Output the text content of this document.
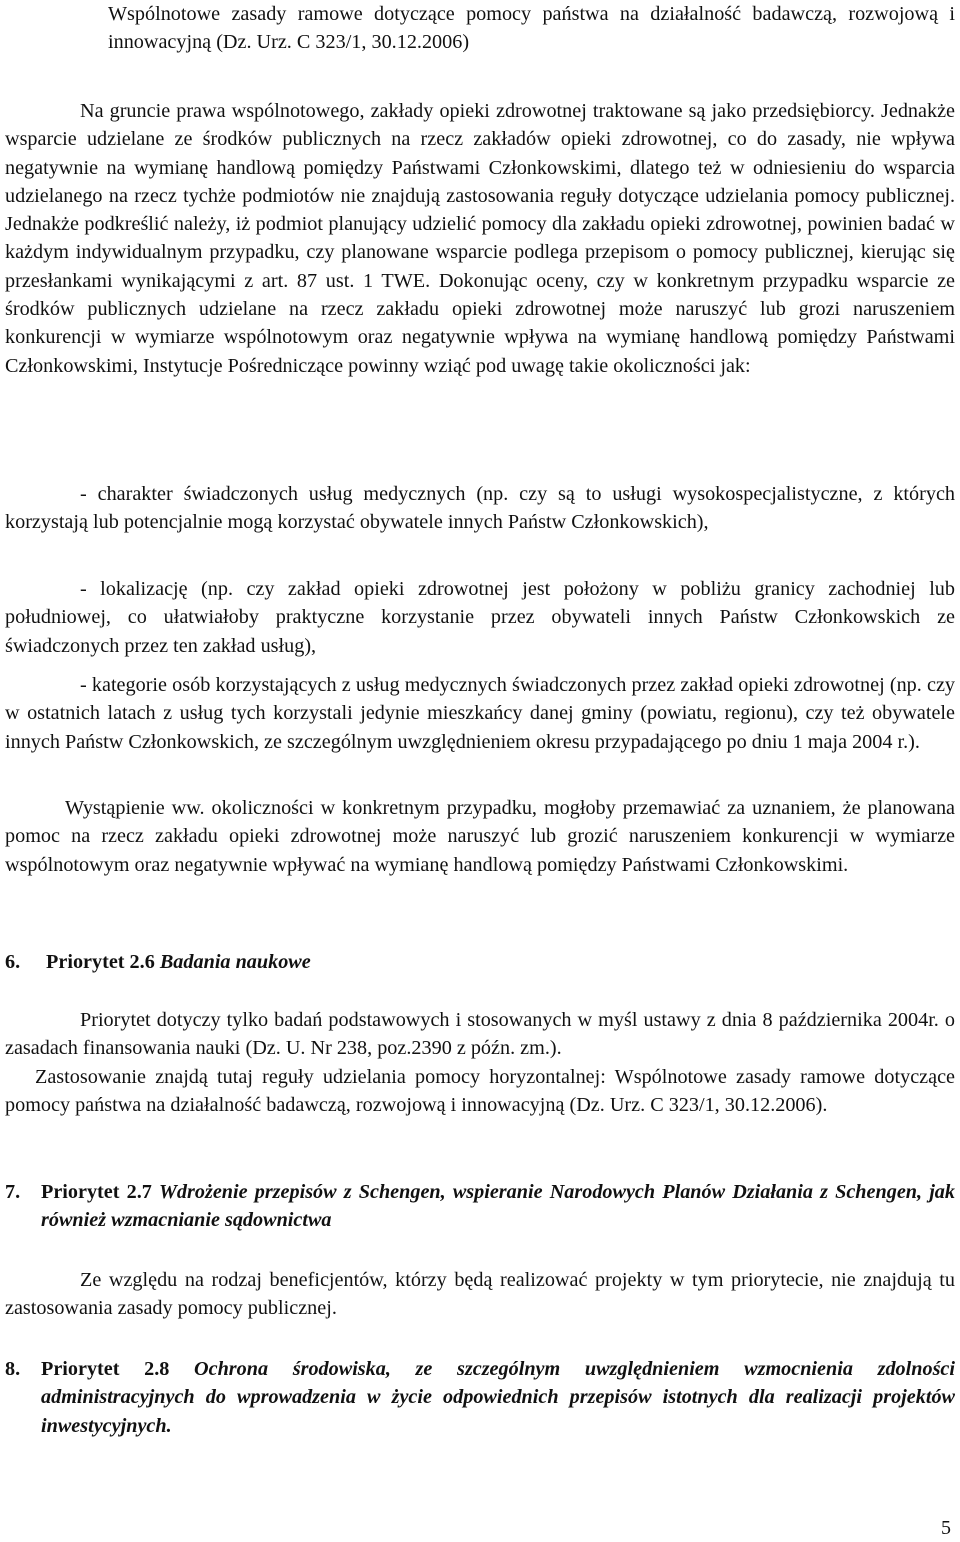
Wspólnotowe zasady ramowe dotyczące pomocy państwa na działalność badawczą, rozwojową i innowacyjną (Dz. Urz. C 323/1, 30.12.2006)
Na gruncie prawa wspólnotowego, zakłady opieki zdrowotnej traktowane są jako przedsiębiorcy. Jednakże wsparcie udzielane ze środków publicznych na rzecz zakładów opieki zdrowotnej, co do zasady, nie wpływa negatywnie na wymianę handlową pomiędzy Państwami Członkowskimi, dlatego też w odniesieniu do wsparcia udzielanego na rzecz tychże podmiotów nie znajdują zastosowania reguły dotyczące udzielania pomocy publicznej. Jednakże podkreślić należy, iż podmiot planujący udzielić pomocy dla zakładu opieki zdrowotnej, powinien badać w każdym indywidualnym przypadku, czy planowane wsparcie podlega przepisom o pomocy publicznej, kierując się przesłankami wynikającymi z art. 87 ust. 1 TWE. Dokonując oceny, czy w konkretnym przypadku wsparcie ze środków publicznych udzielane na rzecz zakładu opieki zdrowotnej może naruszyć lub grozi naruszeniem konkurencji w wymiarze wspólnotowym oraz negatywnie wpływa na wymianę handlową pomiędzy Państwami Członkowskimi, Instytucje Pośredniczące powinny wziąć pod uwagę takie okoliczności jak:
- charakter świadczonych usług medycznych (np. czy są to usługi wysokospecjalistyczne, z których korzystają lub potencjalnie mogą korzystać obywatele innych Państw Członkowskich),
- lokalizację (np. czy zakład opieki zdrowotnej jest położony w pobliżu granicy zachodniej lub południowej, co ułatwiałoby praktyczne korzystanie przez obywateli innych Państw Członkowskich ze świadczonych przez ten zakład usług),
- kategorie osób korzystających z usług medycznych świadczonych przez zakład opieki zdrowotnej (np. czy w ostatnich latach z usług tych korzystali jedynie mieszkańcy danej gminy (powiatu, regionu), czy też obywatele innych Państw Członkowskich, ze szczególnym uwzględnieniem okresu przypadającego po dniu 1 maja 2004 r.).
Wystąpienie ww. okoliczności w konkretnym przypadku, mogłoby przemawiać za uznaniem, że planowana pomoc na rzecz zakładu opieki zdrowotnej może naruszyć lub grozić naruszeniem konkurencji w wymiarze wspólnotowym oraz negatywnie wpływać na wymianę handlową pomiędzy Państwami Członkowskimi.
6. Priorytet 2.6 Badania naukowe
Priorytet dotyczy tylko badań podstawowych i stosowanych w myśl ustawy z dnia 8 października 2004r. o zasadach finansowania nauki (Dz. U. Nr 238, poz.2390 z późn. zm.).
Zastosowanie znajdą tutaj reguły udzielania pomocy horyzontalnej: Wspólnotowe zasady ramowe dotyczące pomocy państwa na działalność badawczą, rozwojową i innowacyjną (Dz. Urz. C 323/1, 30.12.2006).
7. Priorytet 2.7 Wdrożenie przepisów z Schengen, wspieranie Narodowych Planów Działania z Schengen, jak również wzmacnianie sądownictwa
Ze względu na rodzaj beneficjentów, którzy będą realizować projekty w tym priorytecie, nie znajdują tu zastosowania zasady pomocy publicznej.
8. Priorytet 2.8 Ochrona środowiska, ze szczególnym uwzględnieniem wzmocnienia zdolności administracyjnych do wprowadzenia w życie odpowiednich przepisów istotnych dla realizacji projektów inwestycyjnych.
5
